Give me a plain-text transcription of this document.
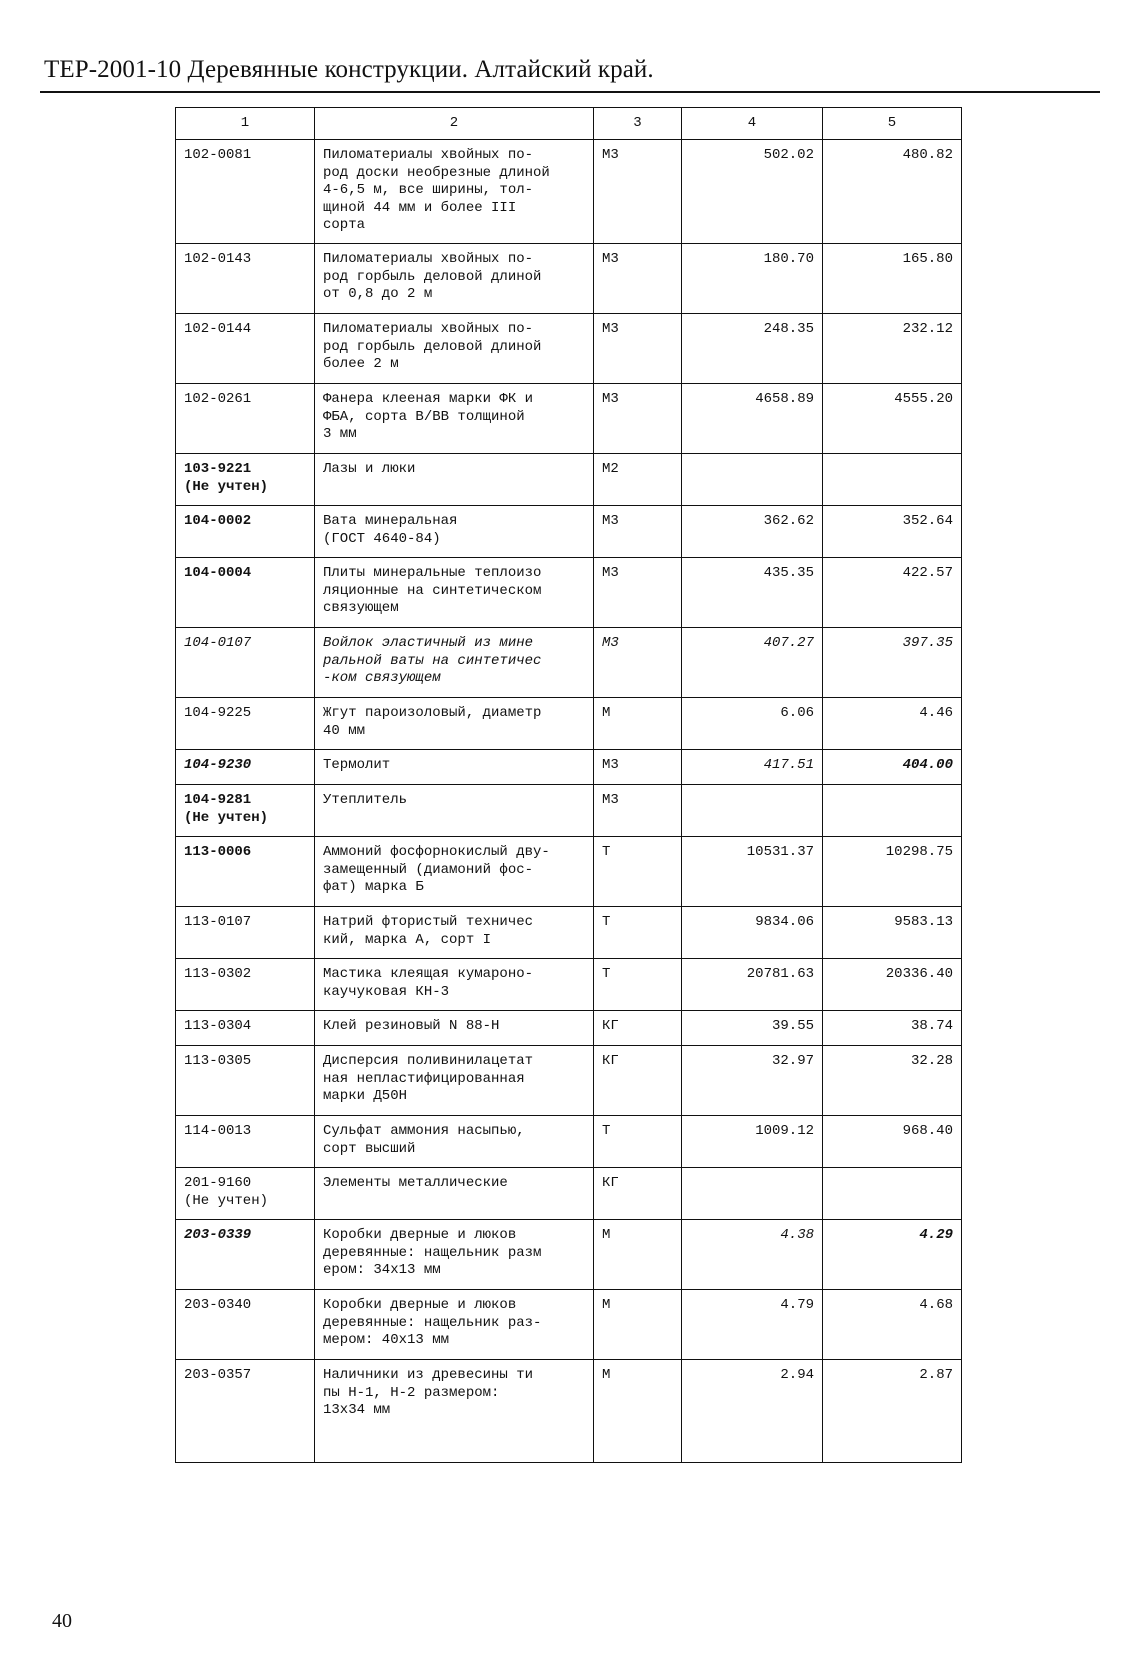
ТЕР-2001-10 Деревянные конструкции. Алтайский край.
1	2	3	4	5

102-0081	Пиломатериалы хвойных по-
род доски необрезные длиной
4-6,5 м, все ширины, тол-
щиной 44 мм и более III
сорта	М3	502.02	480.82

102-0143	Пиломатериалы хвойных по-
род горбыль деловой длиной
от 0,8 до 2 м	М3	180.70	165.80

102-0144	Пиломатериалы хвойных по-
род горбыль деловой длиной
более 2 м	М3	248.35	232.12

102-0261	Фанера клееная марки ФК и
ФБА, сорта В/ВВ толщиной
3 мм	М3	4658.89	4555.20

103-9221
(Не учтен)	Лазы и люки	М2		

104-0002	Вата минеральная
(ГОСТ 4640-84)	М3	362.62	352.64

104-0004	Плиты минеральные теплоизо
ляционные на синтетическом
связующем	М3	435.35	422.57

104-0107	Войлок эластичный из мине
ральной ваты на синтетичес
-ком связующем	М3	407.27	397.35

104-9225	Жгут пароизоловый, диаметр
40 мм	М	6.06	4.46

104-9230	Термолит	М3	417.51	404.00

104-9281
(Не учтен)	Утеплитель	М3		

113-0006	Аммоний фосфорнокислый дву-
замещенный (диамоний фос-
фат) марка Б	Т	10531.37	10298.75

113-0107	Натрий фтористый техничес
кий, марка А, сорт I	Т	9834.06	9583.13

113-0302	Мастика клеящая кумароно-
каучуковая КН-3	Т	20781.63	20336.40

113-0304	Клей резиновый N 88-Н	КГ	39.55	38.74

113-0305	Дисперсия поливинилацетат
ная непластифицированная
марки Д50Н	КГ	32.97	32.28

114-0013	Сульфат аммония насыпью,
сорт высший	Т	1009.12	968.40

201-9160
(Не учтен)	Элементы металлические	КГ		

203-0339	Коробки дверные и люков
деревянные: нащельник разм
ером: 34х13 мм	М	4.38	4.29

203-0340	Коробки дверные и люков
деревянные: нащельник раз-
мером: 40х13 мм	М	4.79	4.68

203-0357	Наличники из древесины ти
пы Н-1, Н-2 размером:
13х34 мм	М	2.94	2.87
40
